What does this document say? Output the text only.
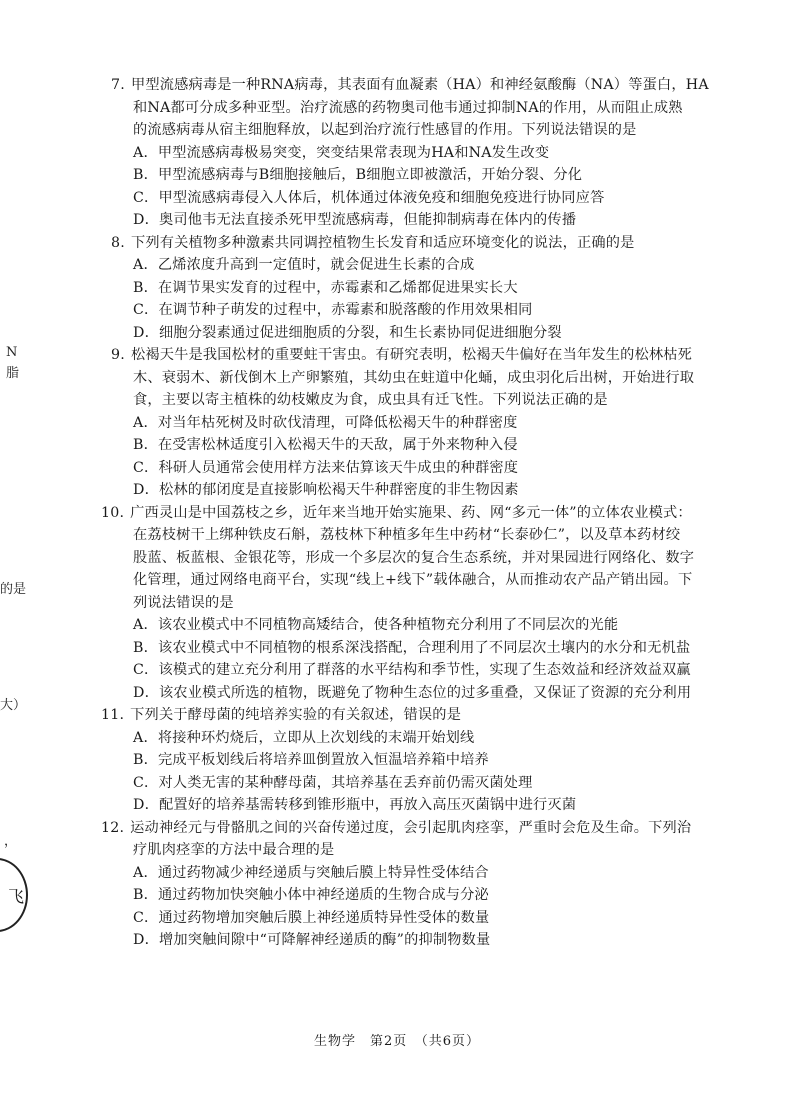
N
脂
的是
大）
，
飞
7. 甲型流感病毒是一种RNA病毒，其表面有血凝素（HA）和神经氨酸酶（NA）等蛋白，HA
和NA都可分成多种亚型。治疗流感的药物奥司他韦通过抑制NA的作用，从而阻止成熟
的流感病毒从宿主细胞释放，以起到治疗流行性感冒的作用。下列说法错误的是
A．甲型流感病毒极易突变，突变结果常表现为HA和NA发生改变
B．甲型流感病毒与B细胞接触后，B细胞立即被激活，开始分裂、分化
C．甲型流感病毒侵入人体后，机体通过体液免疫和细胞免疫进行协同应答
D．奥司他韦无法直接杀死甲型流感病毒，但能抑制病毒在体内的传播
8. 下列有关植物多种激素共同调控植物生长发育和适应环境变化的说法，正确的是
A．乙烯浓度升高到一定值时，就会促进生长素的合成
B．在调节果实发育的过程中，赤霉素和乙烯都促进果实长大
C．在调节种子萌发的过程中，赤霉素和脱落酸的作用效果相同
D．细胞分裂素通过促进细胞质的分裂，和生长素协同促进细胞分裂
9. 松褐天牛是我国松材的重要蛀干害虫。有研究表明，松褐天牛偏好在当年发生的松林枯死
木、衰弱木、新伐倒木上产卵繁殖，其幼虫在蛀道中化蛹，成虫羽化后出树，开始进行取
食，主要以寄主植株的幼枝嫩皮为食，成虫具有迁飞性。下列说法正确的是
A．对当年枯死树及时砍伐清理，可降低松褐天牛的种群密度
B．在受害松林适度引入松褐天牛的天敌，属于外来物种入侵
C．科研人员通常会使用样方法来估算该天牛成虫的种群密度
D．松林的郁闭度是直接影响松褐天牛种群密度的非生物因素
10. 广西灵山是中国荔枝之乡，近年来当地开始实施果、药、网“多元一体”的立体农业模式：
在荔枝树干上绑种铁皮石斛，荔枝林下种植多年生中药材“长泰砂仁”，以及草本药材绞
股蓝、板蓝根、金银花等，形成一个多层次的复合生态系统，并对果园进行网络化、数字
化管理，通过网络电商平台，实现“线上+线下”载体融合，从而推动农产品产销出园。下
列说法错误的是
A．该农业模式中不同植物高矮结合，使各种植物充分利用了不同层次的光能
B．该农业模式中不同植物的根系深浅搭配，合理利用了不同层次土壤内的水分和无机盐
C．该模式的建立充分利用了群落的水平结构和季节性，实现了生态效益和经济效益双赢
D．该农业模式所选的植物，既避免了物种生态位的过多重叠，又保证了资源的充分利用
11. 下列关于酵母菌的纯培养实验的有关叙述，错误的是
A．将接种环灼烧后，立即从上次划线的末端开始划线
B．完成平板划线后将培养皿倒置放入恒温培养箱中培养
C．对人类无害的某种酵母菌，其培养基在丢弃前仍需灭菌处理
D．配置好的培养基需转移到锥形瓶中，再放入高压灭菌锅中进行灭菌
12. 运动神经元与骨骼肌之间的兴奋传递过度，会引起肌肉痉挛，严重时会危及生命。下列治
疗肌肉痉挛的方法中最合理的是
A．通过药物减少神经递质与突触后膜上特异性受体结合
B．通过药物加快突触小体中神经递质的生物合成与分泌
C．通过药物增加突触后膜上神经递质特异性受体的数量
D．增加突触间隙中“可降解神经递质的酶”的抑制物数量
生物学　第2页　（共6页）
